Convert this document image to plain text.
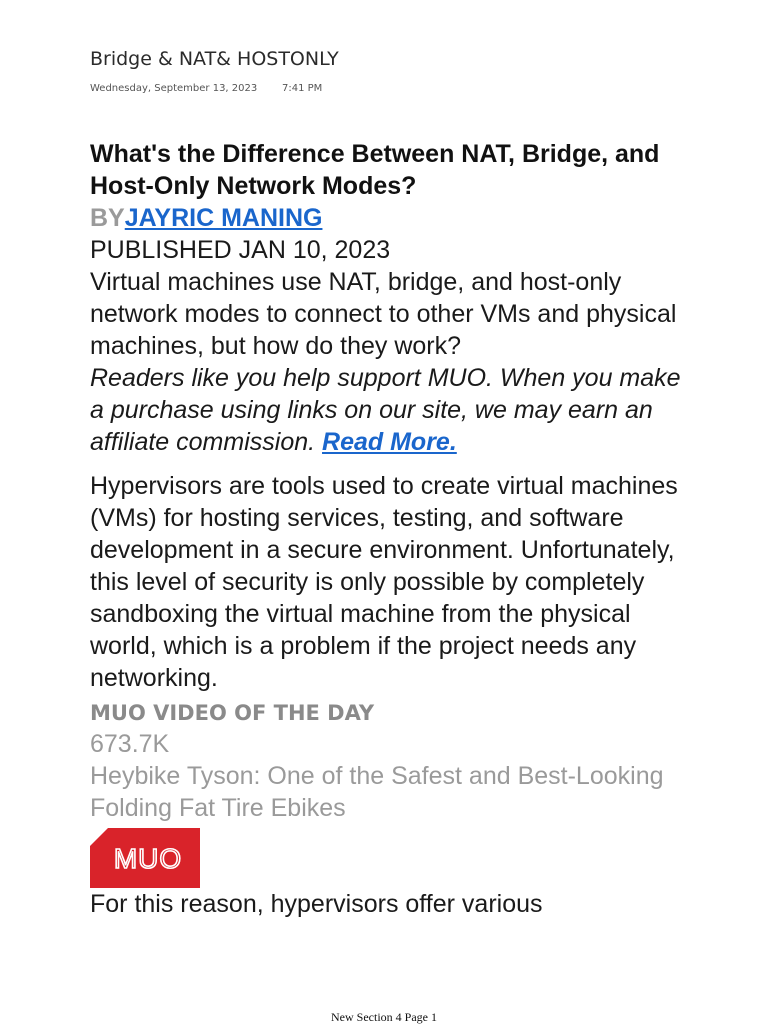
Bridge & NAT& HOSTONLY
Wednesday, September 13, 2023 7:41 PM
What's the Difference Between NAT, Bridge, and Host-Only Network Modes?
BYJAYRIC MANING
PUBLISHED JAN 10, 2023

Virtual machines use NAT, bridge, and host-only network modes to connect to other VMs and physical machines, but how do they work?

Readers like you help support MUO. When you make a purchase using links on our site, we may earn an affiliate commission. Read More.

Hypervisors are tools used to create virtual machines (VMs) for hosting services, testing, and software development in a secure environment. Unfortunately, this level of security is only possible by completely sandboxing the virtual machine from the physical world, which is a problem if the project needs any networking.

MUO VIDEO OF THE DAY
673.7K
Heybike Tyson: One of the Safest and Best-Looking Folding Fat Tire Ebikes
MUO
For this reason, hypervisors offer various
New Section 4 Page 1
